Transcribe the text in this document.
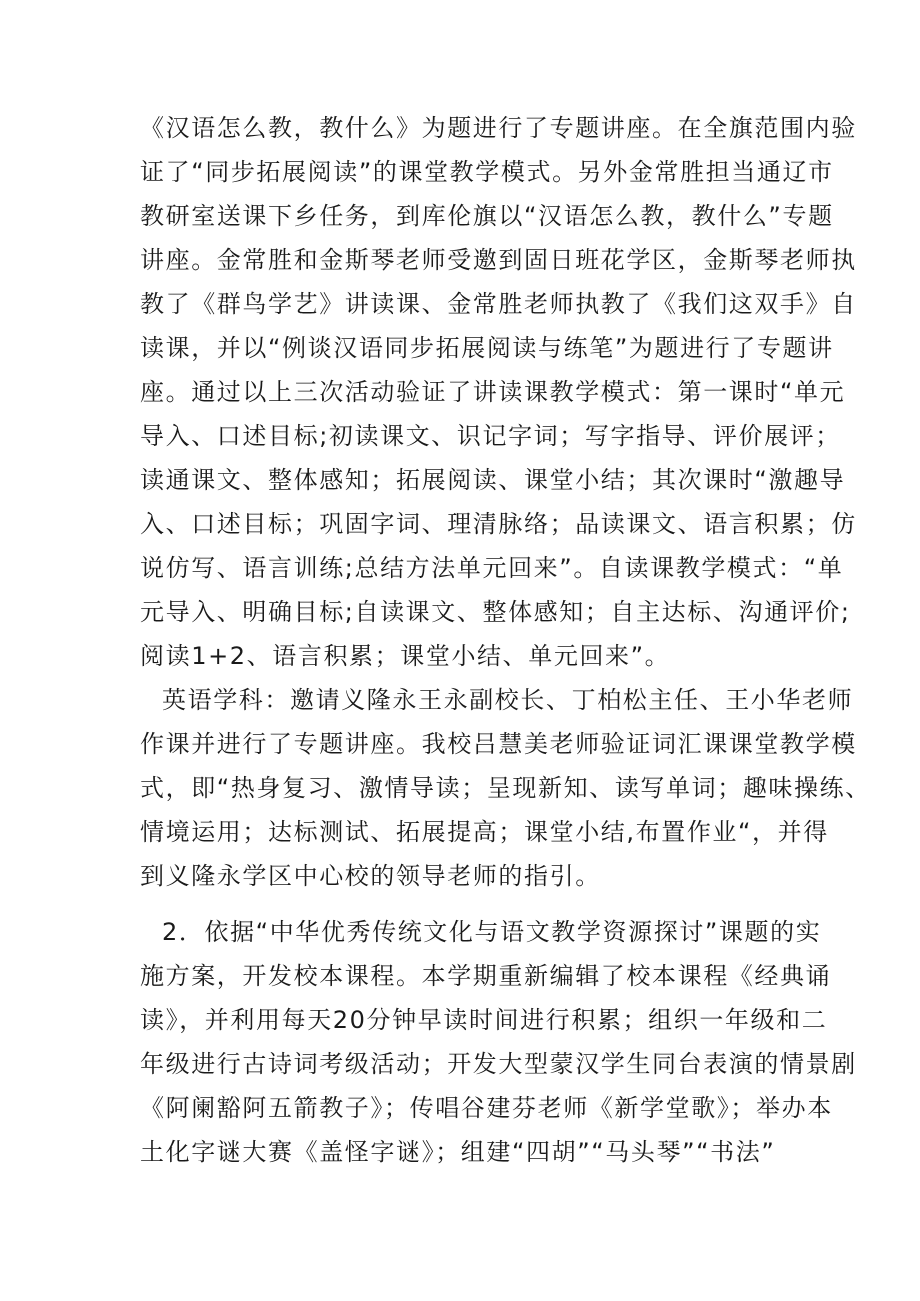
《汉语怎么教，教什么》为题进行了专题讲座。在全旗范围内验
证了“同步拓展阅读”的课堂教学模式。另外金常胜担当通辽市
教研室送课下乡任务，到库伦旗以“汉语怎么教，教什么”专题
讲座。金常胜和金斯琴老师受邀到固日班花学区，金斯琴老师执
教了《群鸟学艺》讲读课、金常胜老师执教了《我们这双手》自
读课，并以“例谈汉语同步拓展阅读与练笔”为题进行了专题讲
座。通过以上三次活动验证了讲读课教学模式：第一课时“单元
导入、口述目标;初读课文、识记字词；写字指导、评价展评；
读通课文、整体感知；拓展阅读、课堂小结；其次课时“激趣导
入、口述目标；巩固字词、理清脉络；品读课文、语言积累；仿
说仿写、语言训练;总结方法单元回来”。自读课教学模式：“单
元导入、明确目标;自读课文、整体感知；自主达标、沟通评价;
阅读1+2、语言积累；课堂小结、单元回来”。
英语学科：邀请义隆永王永副校长、丁柏松主任、王小华老师
作课并进行了专题讲座。我校吕慧美老师验证词汇课课堂教学模
式，即“热身复习、激情导读；呈现新知、读写单词；趣味操练、
情境运用；达标测试、拓展提高；课堂小结,布置作业“，并得
到义隆永学区中心校的领导老师的指引。
2．依据“中华优秀传统文化与语文教学资源探讨”课题的实
施方案，开发校本课程。本学期重新编辑了校本课程《经典诵
读》，并利用每天20分钟早读时间进行积累；组织一年级和二
年级进行古诗词考级活动；开发大型蒙汉学生同台表演的情景剧
《阿阑豁阿五箭教子》；传唱谷建芬老师《新学堂歌》；举办本
土化字谜大赛《盖怪字谜》；组建“四胡”“马头琴”“书法”
